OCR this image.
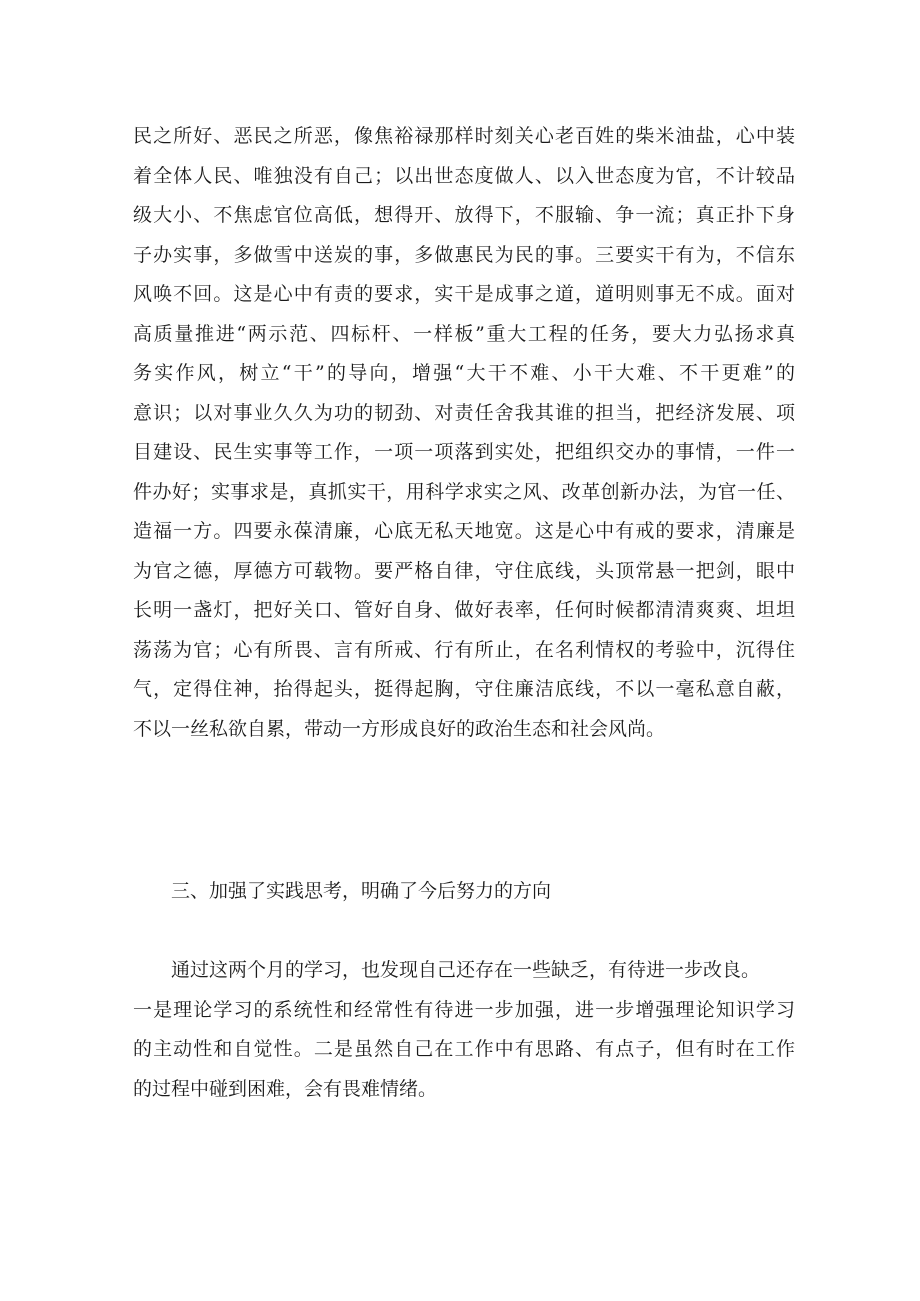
民之所好、恶民之所恶，像焦裕禄那样时刻关心老百姓的柴米油盐，心中装
着全体人民、唯独没有自己；以出世态度做人、以入世态度为官，不计较品
级大小、不焦虑官位高低，想得开、放得下，不服输、争一流；真正扑下身
子办实事，多做雪中送炭的事，多做惠民为民的事。三要实干有为，不信东
风唤不回。这是心中有责的要求，实干是成事之道，道明则事无不成。面对
高质量推进“两示范、四标杆、一样板”重大工程的任务，要大力弘扬求真
务实作风，树立“干”的导向，增强“大干不难、小干大难、不干更难”的
意识；以对事业久久为功的韧劲、对责任舍我其谁的担当，把经济发展、项
目建设、民生实事等工作，一项一项落到实处，把组织交办的事情，一件一
件办好；实事求是，真抓实干，用科学求实之风、改革创新办法，为官一任、
造福一方。四要永葆清廉，心底无私天地宽。这是心中有戒的要求，清廉是
为官之德，厚德方可载物。要严格自律，守住底线，头顶常悬一把剑，眼中
长明一盏灯，把好关口、管好自身、做好表率，任何时候都清清爽爽、坦坦
荡荡为官；心有所畏、言有所戒、行有所止，在名利情权的考验中，沉得住
气，定得住神，抬得起头，挺得起胸，守住廉洁底线，不以一毫私意自蔽，
不以一丝私欲自累，带动一方形成良好的政治生态和社会风尚。
三、加强了实践思考，明确了今后努力的方向
通过这两个月的学习，也发现自己还存在一些缺乏，有待进一步改良。
一是理论学习的系统性和经常性有待进一步加强，进一步增强理论知识学习
的主动性和自觉性。二是虽然自己在工作中有思路、有点子，但有时在工作
的过程中碰到困难，会有畏难情绪。
